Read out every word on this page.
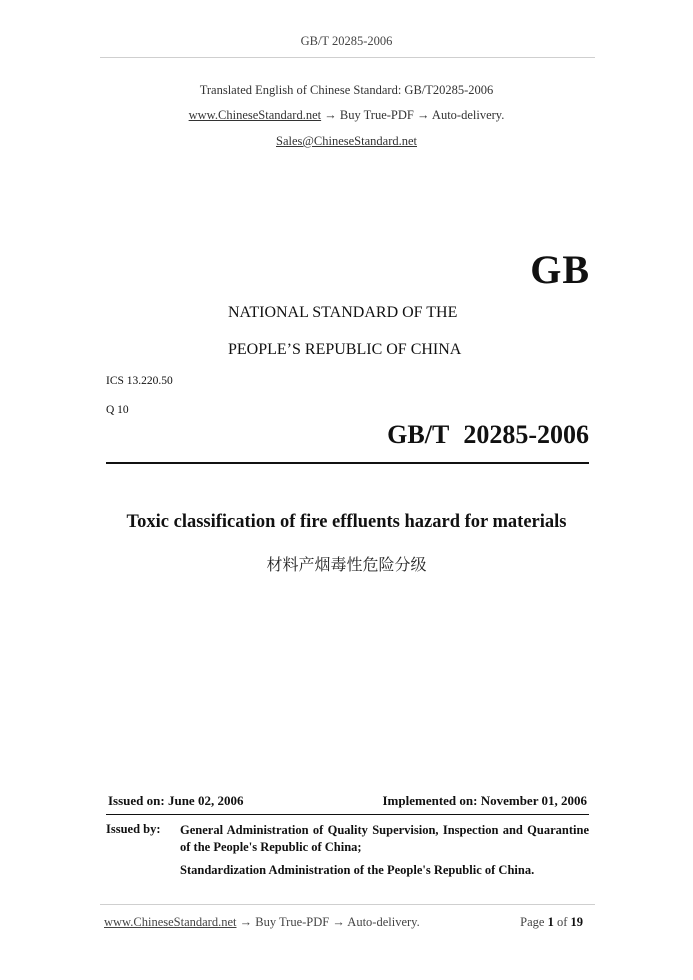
GB/T 20285-2006
Translated English of Chinese Standard: GB/T20285-2006
www.ChineseStandard.net → Buy True-PDF → Auto-delivery.
Sales@ChineseStandard.net
GB
NATIONAL STANDARD OF THE
PEOPLE’S REPUBLIC OF CHINA
ICS 13.220.50
Q 10
GB/T 20285-2006
Toxic classification of fire effluents hazard for materials
材料产烟毒性危险分级
Issued on: June 02, 2006	Implemented on: November 01, 2006
Issued by: General Administration of Quality Supervision, Inspection and Quarantine of the People's Republic of China;
Standardization Administration of the People's Republic of China.
www.ChineseStandard.net → Buy True-PDF → Auto-delivery.	Page 1 of 19
